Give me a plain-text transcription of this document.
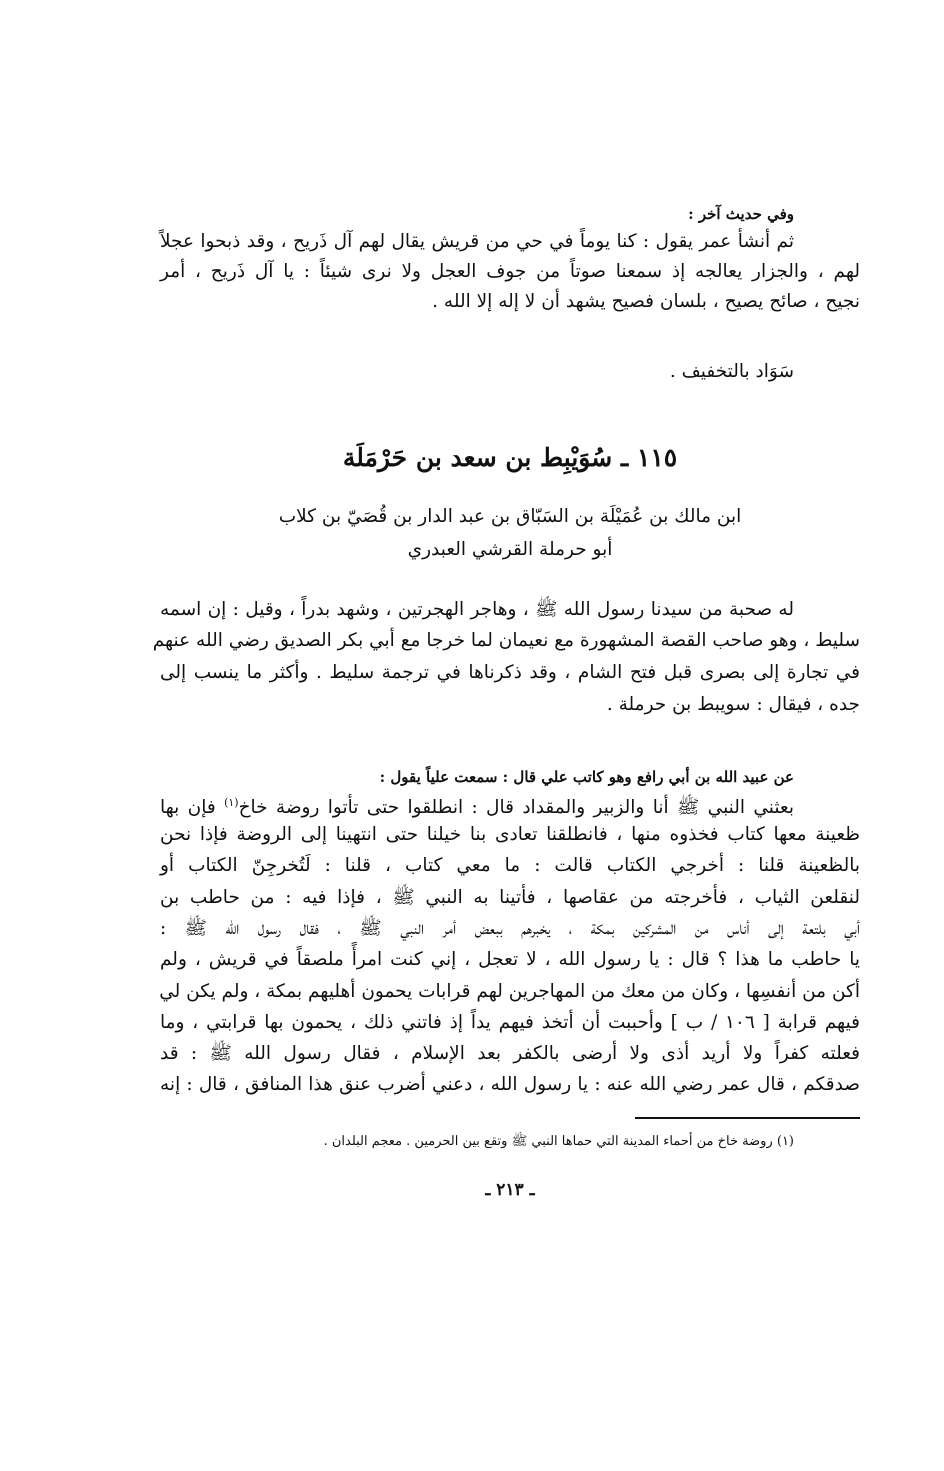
وفي حديث آخر :
ثم أنشأ عمر يقول : كنا يوماً في حي من قريش يقال لهم آل ذَريح ، وقد ذبحوا عجلاً
لهم ، والجزار يعالجه إذ سمعنا صوتاً من جوف العجل ولا نرى شيئاً : يا آل ذَريح ، أمر
نجيح ، صائح يصيح ، بلسان فصيح يشهد أن لا إله إلا الله .
سَوَاد بالتخفيف .
١١٥ ـ سُوَيْبِط بن سعد بن حَرْمَلَة
ابن مالك بن عُمَيْلَة بن السَبّاق بن عبد الدار بن قُصَيّ بن كلاب
أبو حرملة القرشي العبدري
له صحبة من سيدنا رسول الله ﷺ ، وهاجر الهجرتين ، وشهد بدراً ، وقيل : إن اسمه
سليط ، وهو صاحب القصة المشهورة مع نعيمان لما خرجا مع أبي بكر الصديق رضي الله عنهم
في تجارة إلى بصرى قبل فتح الشام ، وقد ذكرناها في ترجمة سليط . وأكثر ما ينسب إلى
جده ، فيقال : سويبط بن حرملة .
عن عبيد الله بن أبي رافع وهو كاتب علي قال : سمعت علياً يقول :
بعثني النبي ﷺ أنا والزبير والمقداد قال : انطلقوا حتى تأتوا روضة خاخ$^{(١)}$ فإن بها
ظعينة معها كتاب فخذوه منها ، فانطلقنا تعادى بنا خيلنا حتى انتهينا إلى الروضة فإذا نحن
بالظعينة قلنا : أخرجي الكتاب قالت : ما معي كتاب ، قلنا : لَتُخرجِنّ الكتاب أو
لنقلعن الثياب ، فأخرجته من عقاصها ، فأتينا به النبي ﷺ ، فإذا فيه : من حاطب بن
أبي بلتعة إلى أناس من المشركين بمكة ، يخبرهم ببعض أمر النبي ﷺ ، فقال رسول الله ﷺ :
يا حاطب ما هذا ؟ قال : يا رسول الله ، لا تعجل ، إني كنت امرأً ملصقاً في قريش ، ولم
أكن من أنفسِها ، وكان من معك من المهاجرين لهم قرابات يحمون أهليهم بمكة ، ولم يكن لي
فيهم قرابة [ ١٠٦ / ب ] وأحببت أن أتخذ فيهم يداً إذ فاتني ذلك ، يحمون بها قرابتي ، وما
فعلته كفراً ولا أريد أذى ولا أرضى بالكفر بعد الإسلام ، فقال رسول الله ﷺ : قد
صدقكم ، قال عمر رضي الله عنه : يا رسول الله ، دعني أضرب عنق هذا المنافق ، قال : إنه
(١) روضة خاخ من أحماء المدينة التي حماها النبي ﷺ وتقع بين الحرمين . معجم البلدان .
ـ ٢١٣ ـ
